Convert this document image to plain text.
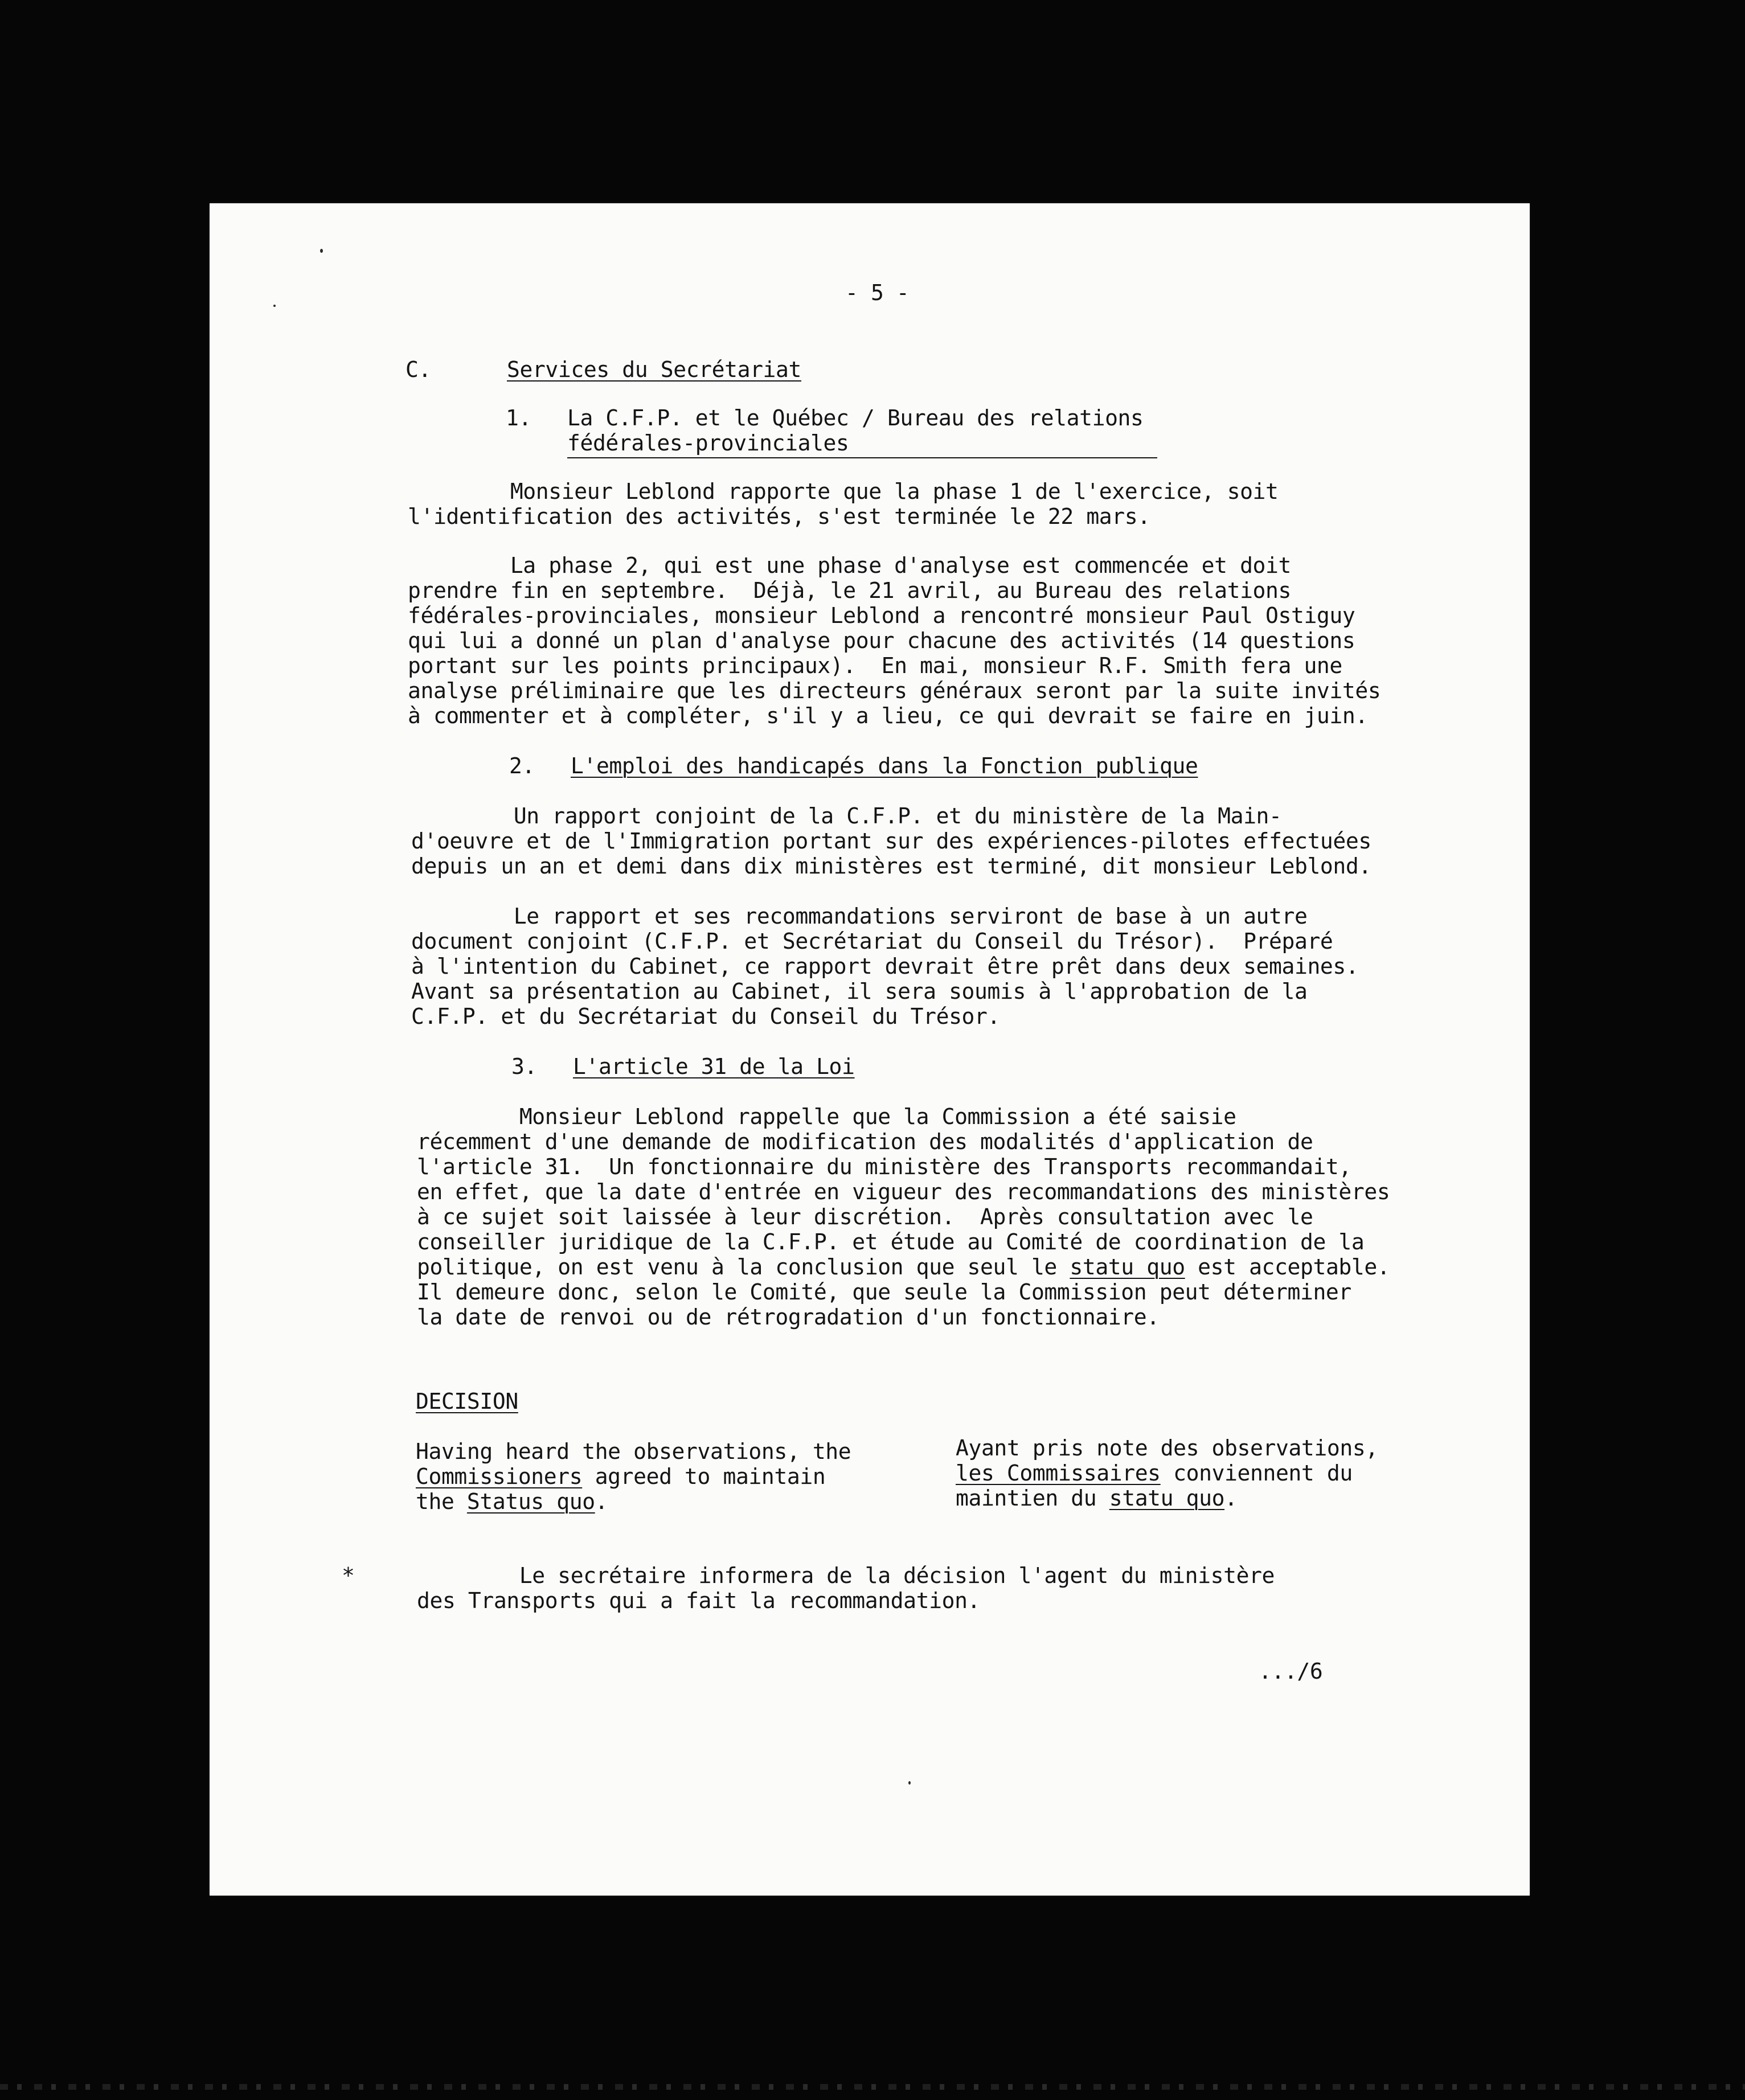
- 5 -
C.	Services du Secrétariat
1. La C.F.P. et le Québec / Bureau des relations
fédérales-provinciales
Monsieur Leblond rapporte que la phase 1 de l'exercice, soit
l'identification des activités, s'est terminée le 22 mars.
La phase 2, qui est une phase d'analyse est commencée et doit
prendre fin en septembre.  Déjà, le 21 avril, au Bureau des relations
fédérales-provinciales, monsieur Leblond a rencontré monsieur Paul Ostiguy
qui lui a donné un plan d'analyse pour chacune des activités (14 questions
portant sur les points principaux).  En mai, monsieur R.F. Smith fera une
analyse préliminaire que les directeurs généraux seront par la suite invités
à commenter et à compléter, s'il y a lieu, ce qui devrait se faire en juin.
2. L'emploi des handicapés dans la Fonction publique
Un rapport conjoint de la C.F.P. et du ministère de la Main-
d'oeuvre et de l'Immigration portant sur des expériences-pilotes effectuées
depuis un an et demi dans dix ministères est terminé, dit monsieur Leblond.
Le rapport et ses recommandations serviront de base à un autre
document conjoint (C.F.P. et Secrétariat du Conseil du Trésor).  Préparé
à l'intention du Cabinet, ce rapport devrait être prêt dans deux semaines.
Avant sa présentation au Cabinet, il sera soumis à l'approbation de la
C.F.P. et du Secrétariat du Conseil du Trésor.
3. L'article 31 de la Loi
Monsieur Leblond rappelle que la Commission a été saisie
récemment d'une demande de modification des modalités d'application de
l'article 31.  Un fonctionnaire du ministère des Transports recommandait,
en effet, que la date d'entrée en vigueur des recommandations des ministères
à ce sujet soit laissée à leur discrétion.  Après consultation avec le
conseiller juridique de la C.F.P. et étude au Comité de coordination de la
politique, on est venu à la conclusion que seul le statu quo est acceptable.
Il demeure donc, selon le Comité, que seule la Commission peut déterminer
la date de renvoi ou de rétrogradation d'un fonctionnaire.
DECISION
Having heard the observations, the
Commissioners agreed to maintain
the Status quo.
Ayant pris note des observations,
les Commissaires conviennent du
maintien du statu quo.
*	Le secrétaire informera de la décision l'agent du ministère
des Transports qui a fait la recommandation.
.../6
